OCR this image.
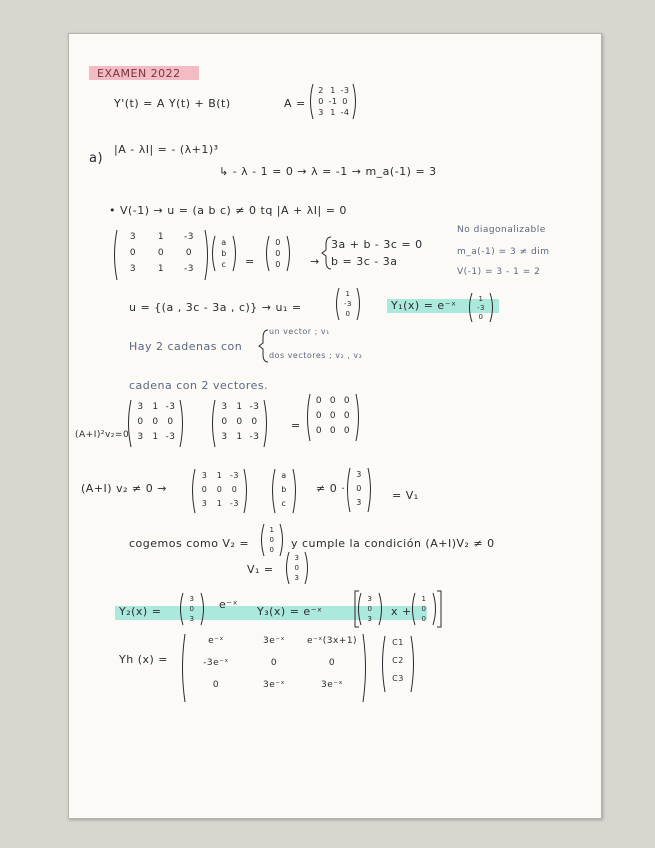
EXAMEN 2022
Y'(t) = A Y(t) + B(t)	A =
2 1 -3
0 -1 0
3 1 -4
a)
|A - λI| = - (λ+1)³
↳ - λ - 1 = 0 → λ = -1 → m_a(-1) = 3
• V(-1) → u = (a b c) ≠ 0 tq |A + λI| = 0
3	1	-3
0	0	0
3	1	-3
a
b
c	=
0
0
0	→
3a + b - 3c = 0
b = 3c - 3a
No diagonalizable
m_a(-1) = 3 ≠ dim
V(-1) = 3 - 1 = 2
u = {(a , 3c - 3a , c)} → u₁ =
1
-3
0
Y₁(x) = e⁻ˣ	1
-3
0
Hay 2 cadenas con
un vector ; v₁
dos vectores ; v₂ , v₃
cadena con 2 vectores.
(A+I)²v₂=0
3 1 -3
0 0 0
3 1 -3
3 1 -3
0 0 0
3 1 -3
=
0 0 0
0 0 0
0 0 0
(A+I) v₂ ≠ 0 →
3	1 -3
0	0	0
3	1 -3
a
b
c
≠ 0 ·
3
0
3
= V₁
cogemos como V₂ =
1
0
0	y cumple la condición (A+I)V₂ ≠ 0
V₁ =
3
0
3
Y₂(x) =
3
0
3
e⁻ˣ
Y₃(x) = e⁻ˣ
3
0
3
x +
1
0
0
Yh (x) =
e⁻ˣ	3e⁻ˣ	e⁻ˣ(3x+1)
-3e⁻ˣ	0	0
0	3e⁻ˣ	3e⁻ˣ
C1
C2
C3
